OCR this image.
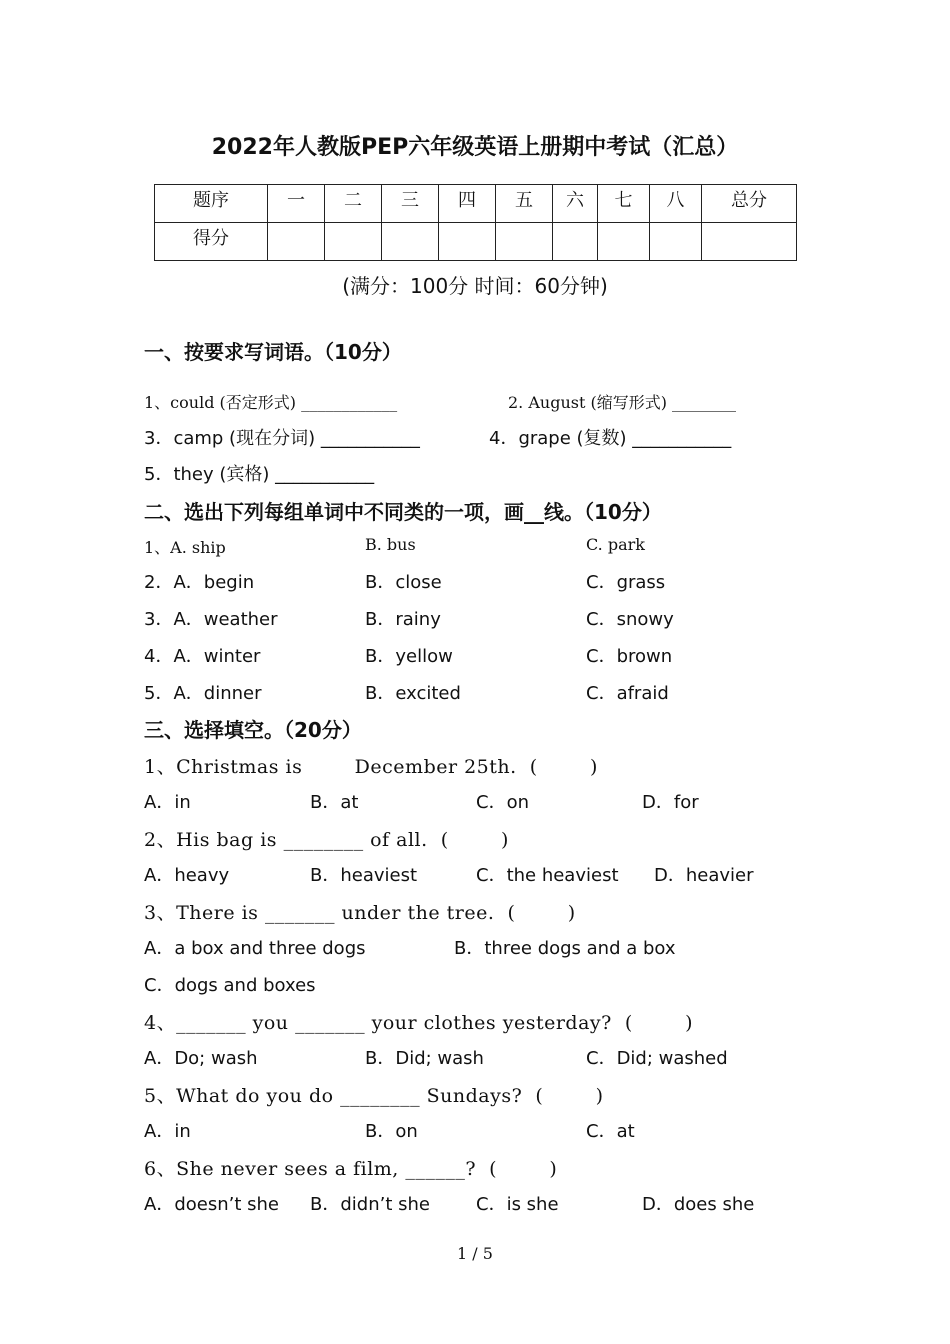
2022年人教版PEP六年级英语上册期中考试（汇总）
题序	一	二	三	四	五	六	七	八	总分
得分									
(满分：100分 时间：60分钟)
一、按要求写词语。（10分）
1、could (否定形式) ____________	2. August (缩写形式) ________
3．camp (现在分词) ___________	4．grape (复数) ___________
5．they (宾格) ___________
二、选出下列每组单词中不同类的一项，画__线。（10分）
1、A. ship	B. bus	C. park
2．A．begin	B．close	C．grass
3．A．weather	B．rainy	C．snowy
4．A．winter	B．yellow	C．brown
5．A．dinner	B．excited	C．afraid
三、选择填空。（20分）
1、Christmas is        December 25th.  (        )
A．in	B．at	C．on	D．for
2、His bag is ________ of all.  (        )
A．heavy	B．heaviest	C．the heaviest D．heavier
3、There is _______ under the tree.  (        )
A．a box and three dogs	B．three dogs and a box
C．dogs and boxes
4、_______ you _______ your clothes yesterday?  (        )
A．Do; wash	B．Did; wash	C．Did; washed
5、What do you do ________ Sundays?  (        )
A．in	B．on	C．at
6、She never sees a film, ______?  (        )
A．doesn’t she B．didn’t she	C．is she	D．does she
1 / 5
